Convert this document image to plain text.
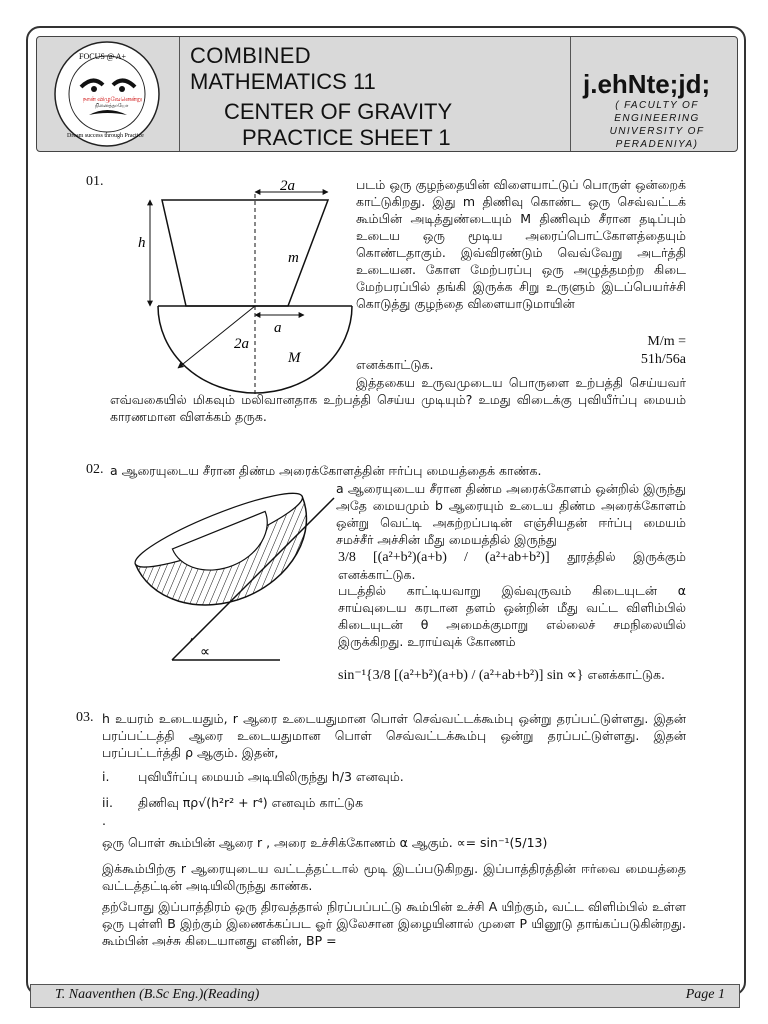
FOCUS @ A+
நான் விழுவேனென்று
நினைத்தாயோ
Dream success through Practice
COMBINED
MATHEMATICS 11
CENTER OF GRAVITY
PRACTICE SHEET 1
j.ehNte;jd;
( FACULTY OF ENGINEERING
UNIVERSITY OF PERADENIYA)
01.	2a
h
m
a
2a
M
படம் ஒரு குழந்தையின் விளையாட்டுப் பொருள் ஒன்றைக் காட்டுகிறது. இது m திணிவு கொண்ட ஒரு செவ்வட்டக் கூம்பின் அடித்துண்டையும் M திணிவும் சீரான தடிப்பும் உடைய ஒரு மூடிய அரைப்பொட்கோளத்தையும் கொண்டதாகும். இவ்விரண்டும் வெவ்வேறு அடர்த்தி உடையன. கோள மேற்பரப்பு ஒரு அழுத்தமற்ற கிடை மேற்பரப்பில் தங்கி இருக்க சிறு உருளும் இடப்பெயர்ச்சி கொடுத்து குழந்தை விளையாடுமாயின்
M/m = 51h/56a
எனக்காட்டுக.
இத்தகைய உருவமுடைய பொருளை உற்பத்தி செய்யவர் எவ்வகையில் மிகவும் மலிவானதாக உற்பத்தி செய்ய முடியும்? உமது விடைக்கு புவியீர்ப்பு மையம் காரணமான விளக்கம் தருக.
02. a ஆரையுடைய சீரான திண்ம அரைக்கோளத்தின் ஈர்ப்பு மையத்தைக் காண்க.
∝
a ஆரையுடைய சீரான திண்ம அரைக்கோளம் ஒன்றில் இருந்து அதே மையமும் b ஆரையும் உடைய திண்ம அரைக்கோளம் ஒன்று வெட்டி அகற்றப்படின் எஞ்சியதன் ஈர்ப்பு மையம் சமச்சீர் அச்சின் மீது மையத்தில் இருந்து
3/8 [(a²+b²)(a+b) / (a²+ab+b²)] தூரத்தில் இருக்கும் எனக்காட்டுக.
படத்தில் காட்டியவாறு இவ்வுருவம் கிடையுடன் α சாய்வுடைய கரடான தளம் ஒன்றின் மீது வட்ட விளிம்பில் கிடையுடன் θ அமைக்குமாறு எல்லைச் சமநிலையில் இருக்கிறது. உராய்வுக் கோணம்
sin⁻¹{3/8 [(a²+b²)(a+b) / (a²+ab+b²)] sin ∝} எனக்காட்டுக.
03. h உயரம் உடையதும், r ஆரை உடையதுமான பொள் செவ்வட்டக்கூம்பு ஒன்று தரப்பட்டுள்ளது. இதன் பரப்பட்டத்தி ஆரை உடையதுமான பொள் செவ்வட்டக்கூம்பு ஒன்று தரப்பட்டுள்ளது. இதன் பரப்பட்டர்த்தி ρ ஆகும். இதன்,
i.	புவியீர்ப்பு மையம் அடியிலிருந்து h/3 எனவும்.
ii.	திணிவு πρ√(h²r² + r⁴) எனவும் காட்டுக
.
ஒரு பொள் கூம்பின் ஆரை r , அரை உச்சிக்கோணம் α ஆகும். ∝= sin⁻¹(5/13)
இக்கூம்பிற்கு r ஆரையுடைய வட்டத்தட்டால் மூடி இடப்படுகிறது. இப்பாத்திரத்தின் ஈர்வை மையத்தை வட்டத்தட்டின் அடியிலிருந்து காண்க.
தற்போது இப்பாத்திரம் ஒரு திரவத்தால் நிரப்பப்பட்டு கூம்பின் உச்சி A யிற்கும், வட்ட விளிம்பில் உள்ள ஒரு புள்ளி B இற்கும் இணைக்கப்பட ஓர் இலேசான இழையினால் முளை P யினூடு தாங்கப்படுகின்றது. கூம்பின் அச்சு கிடையானது எனின், BP =
T. Naaventhen (B.Sc Eng.)(Reading)	Page 1
